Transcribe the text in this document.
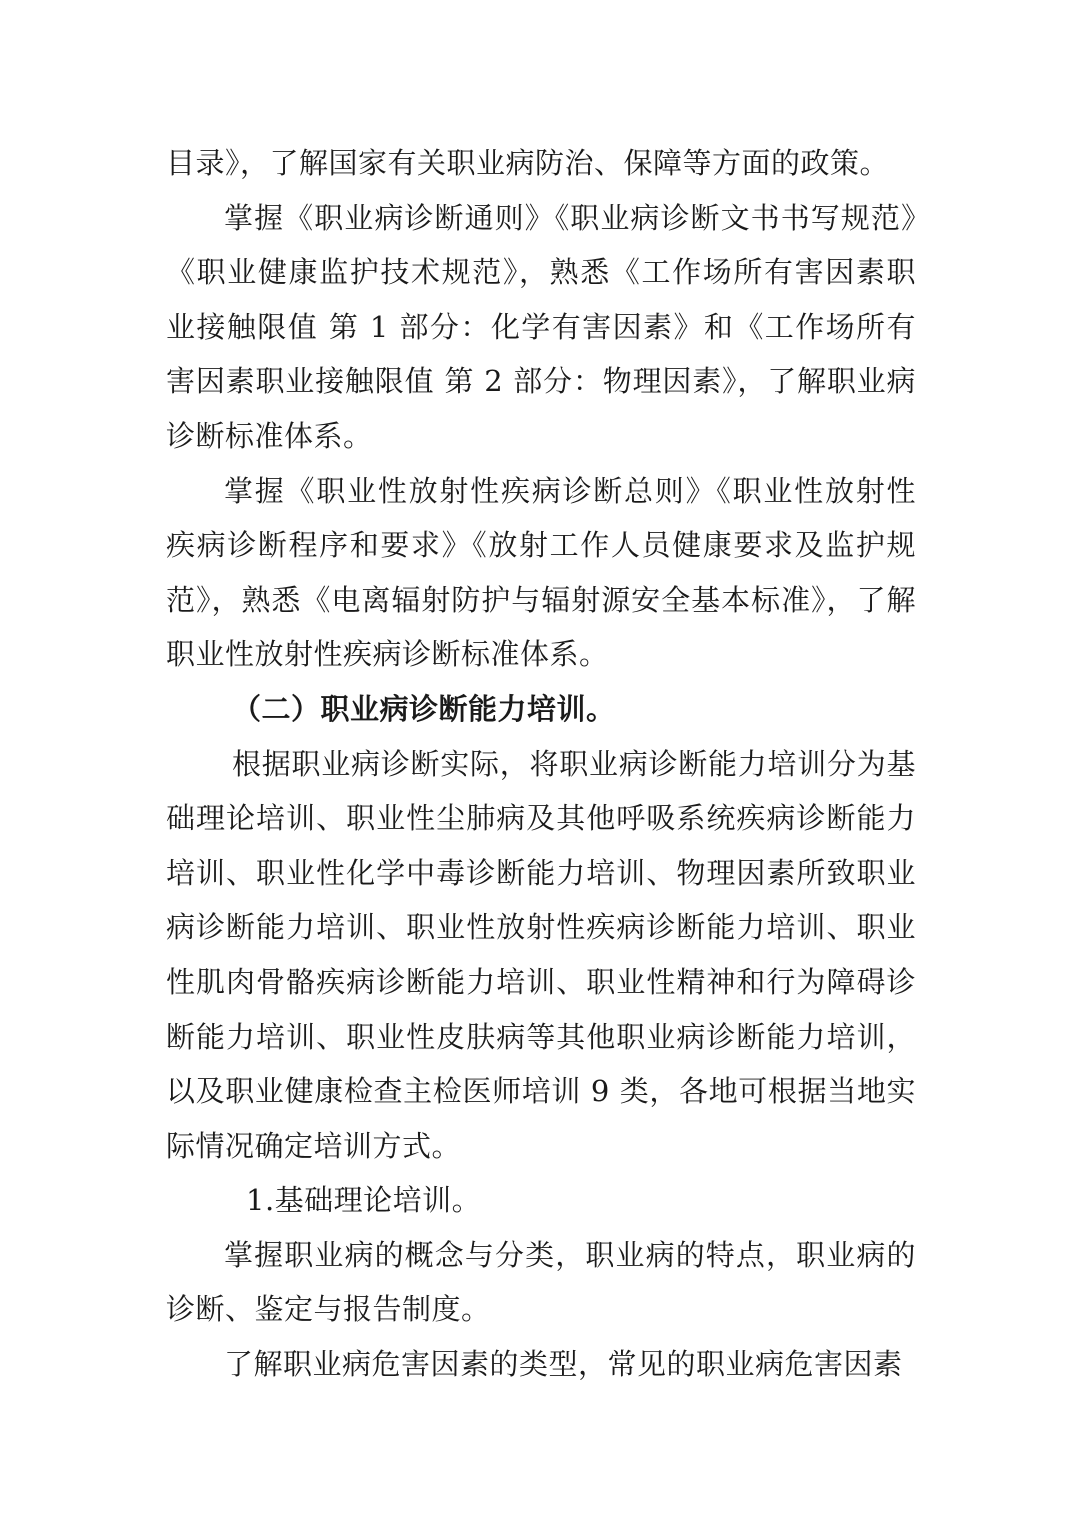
目录》，了解国家有关职业病防治、保障等方面的政策。

掌握《职业病诊断通则》《职业病诊断文书书写规范》《职业健康监护技术规范》，熟悉《工作场所有害因素职业接触限值 第 1 部分：化学有害因素》和《工作场所有害因素职业接触限值 第 2 部分：物理因素》，了解职业病诊断标准体系。

掌握《职业性放射性疾病诊断总则》《职业性放射性疾病诊断程序和要求》《放射工作人员健康要求及监护规范》，熟悉《电离辐射防护与辐射源安全基本标准》，了解职业性放射性疾病诊断标准体系。

（二）职业病诊断能力培训。

根据职业病诊断实际，将职业病诊断能力培训分为基础理论培训、职业性尘肺病及其他呼吸系统疾病诊断能力培训、职业性化学中毒诊断能力培训、物理因素所致职业病诊断能力培训、职业性放射性疾病诊断能力培训、职业性肌肉骨骼疾病诊断能力培训、职业性精神和行为障碍诊断能力培训、职业性皮肤病等其他职业病诊断能力培训，以及职业健康检查主检医师培训 9 类，各地可根据当地实际情况确定培训方式。

1.基础理论培训。

掌握职业病的概念与分类，职业病的特点，职业病的诊断、鉴定与报告制度。

了解职业病危害因素的类型，常见的职业病危害因素
